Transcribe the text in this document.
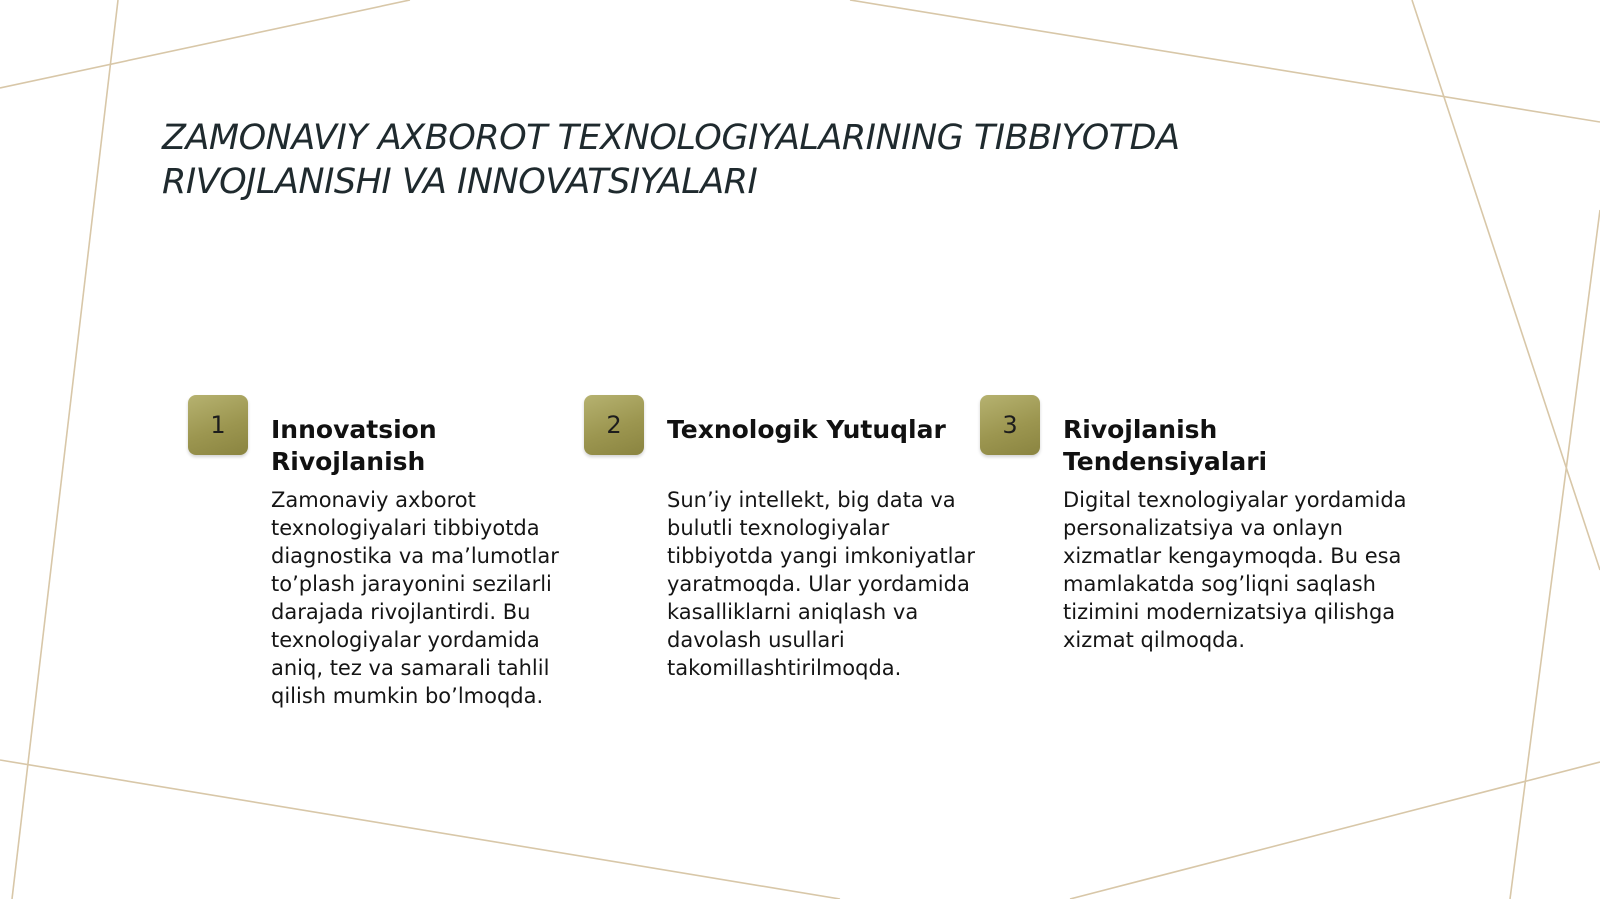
ZAMONAVIY AXBOROT TEXNOLOGIYALARINING TIBBIYOTDA
RIVOJLANISHI VA INNOVATSIYALARI
1	Innovatsion
Rivojlanish

Zamonaviy axborot texnologiyalari tibbiyotda diagnostika va ma’lumotlar to’plash jarayonini sezilarli darajada rivojlantirdi. Bu texnologiyalar yordamida aniq, tez va samarali tahlil qilish mumkin bo’lmoqda.

2	Texnologik Yutuqlar

Sun’iy intellekt, big data va bulutli texnologiyalar tibbiyotda yangi imkoniyatlar yaratmoqda. Ular yordamida kasalliklarni aniqlash va davolash usullari takomillashtirilmoqda.

3	Rivojlanish
Tendensiyalari

Digital texnologiyalar yordamida personalizatsiya va onlayn xizmatlar kengaymoqda. Bu esa mamlakatda sog’liqni saqlash tizimini modernizatsiya qilishga xizmat qilmoqda.
